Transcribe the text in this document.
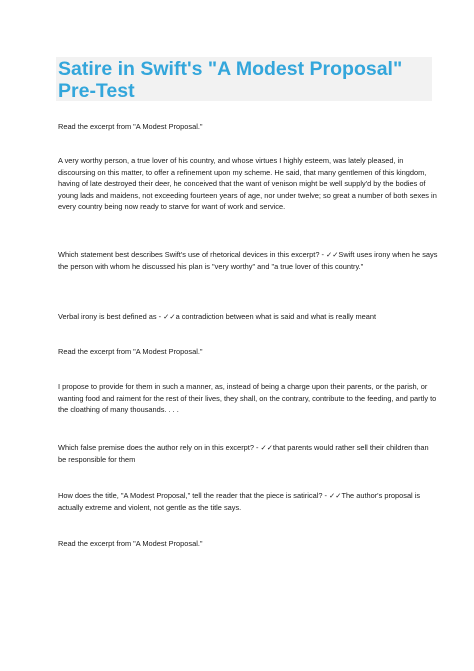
Satire in Swift's "A Modest Proposal"
Pre-Test
Read the excerpt from "A Modest Proposal."
A very worthy person, a true lover of his country, and whose virtues I highly esteem, was lately pleased, in discoursing on this matter, to offer a refinement upon my scheme. He said, that many gentlemen of this kingdom, having of late destroyed their deer, he conceived that the want of venison might be well supply'd by the bodies of young lads and maidens, not exceeding fourteen years of age, nor under twelve; so great a number of both sexes in every country being now ready to starve for want of work and service.
Which statement best describes Swift's use of rhetorical devices in this excerpt? - ✓✓Swift uses irony when he says the person with whom he discussed his plan is "very worthy" and "a true lover of this country."
Verbal irony is best defined as - ✓✓a contradiction between what is said and what is really meant
Read the excerpt from "A Modest Proposal."
I propose to provide for them in such a manner, as, instead of being a charge upon their parents, or the parish, or wanting food and raiment for the rest of their lives, they shall, on the contrary, contribute to the feeding, and partly to the cloathing of many thousands. . . .
Which false premise does the author rely on in this excerpt? - ✓✓that parents would rather sell their children than be responsible for them
How does the title, "A Modest Proposal," tell the reader that the piece is satirical? - ✓✓The author's proposal is actually extreme and violent, not gentle as the title says.
Read the excerpt from "A Modest Proposal."
